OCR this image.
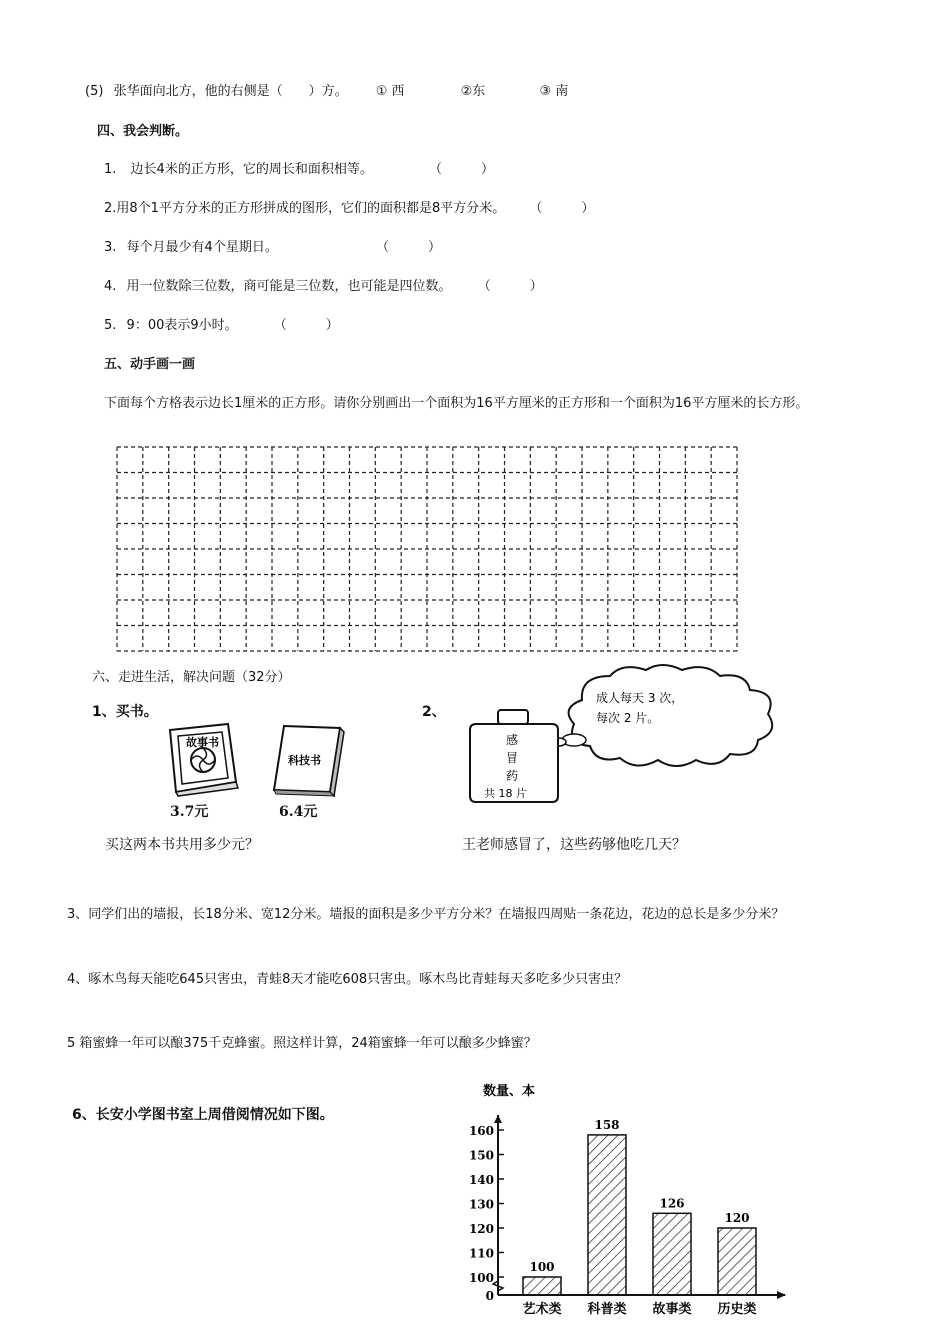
(5) 张华面向北方，他的右侧是（　　）方。 ① 西	②东	③ 南
四、我会判断。
1. 边长4米的正方形，它的周长和面积相等。	（　　　）
2.用8个1平方分米的正方形拼成的图形，它们的面积都是8平方分米。 （　　　）
3. 每个月最少有4个星期日。	（　　　）
4. 用一位数除三位数，商可能是三位数，也可能是四位数。 （　　　）
5. 9：00表示9小时。	（　　　）
五、动手画一画
下面每个方格表示边长1厘米的正方形。请你分别画出一个面积为16平方厘米的正方形和一个面积为16平方厘米的长方形。
六、走进生活，解决问题（32分）
1、买书。
故事书
科技书
3.7元	6.4元
买这两本书共用多少元？
2、
成人每天 3 次，
每次 2 片。
感
冒
药
共 18 片
王老师感冒了，这些药够他吃几天？
3、同学们出的墙报，长18分米、宽12分米。墙报的面积是多少平方分米？在墙报四周贴一条花边，花边的总长是多少分米？
4、啄木鸟每天能吃645只害虫，青蛙8天才能吃608只害虫。啄木鸟比青蛙每天多吃多少只害虫？
5 箱蜜蜂一年可以酿375千克蜂蜜。照这样计算，24箱蜜蜂一年可以酿多少蜂蜜？
6、长安小学图书室上周借阅情况如下图。
数量、本
0
100
110
120
130
140
150
160
100
艺术类
158
科普类
126
故事类
120
历史类
